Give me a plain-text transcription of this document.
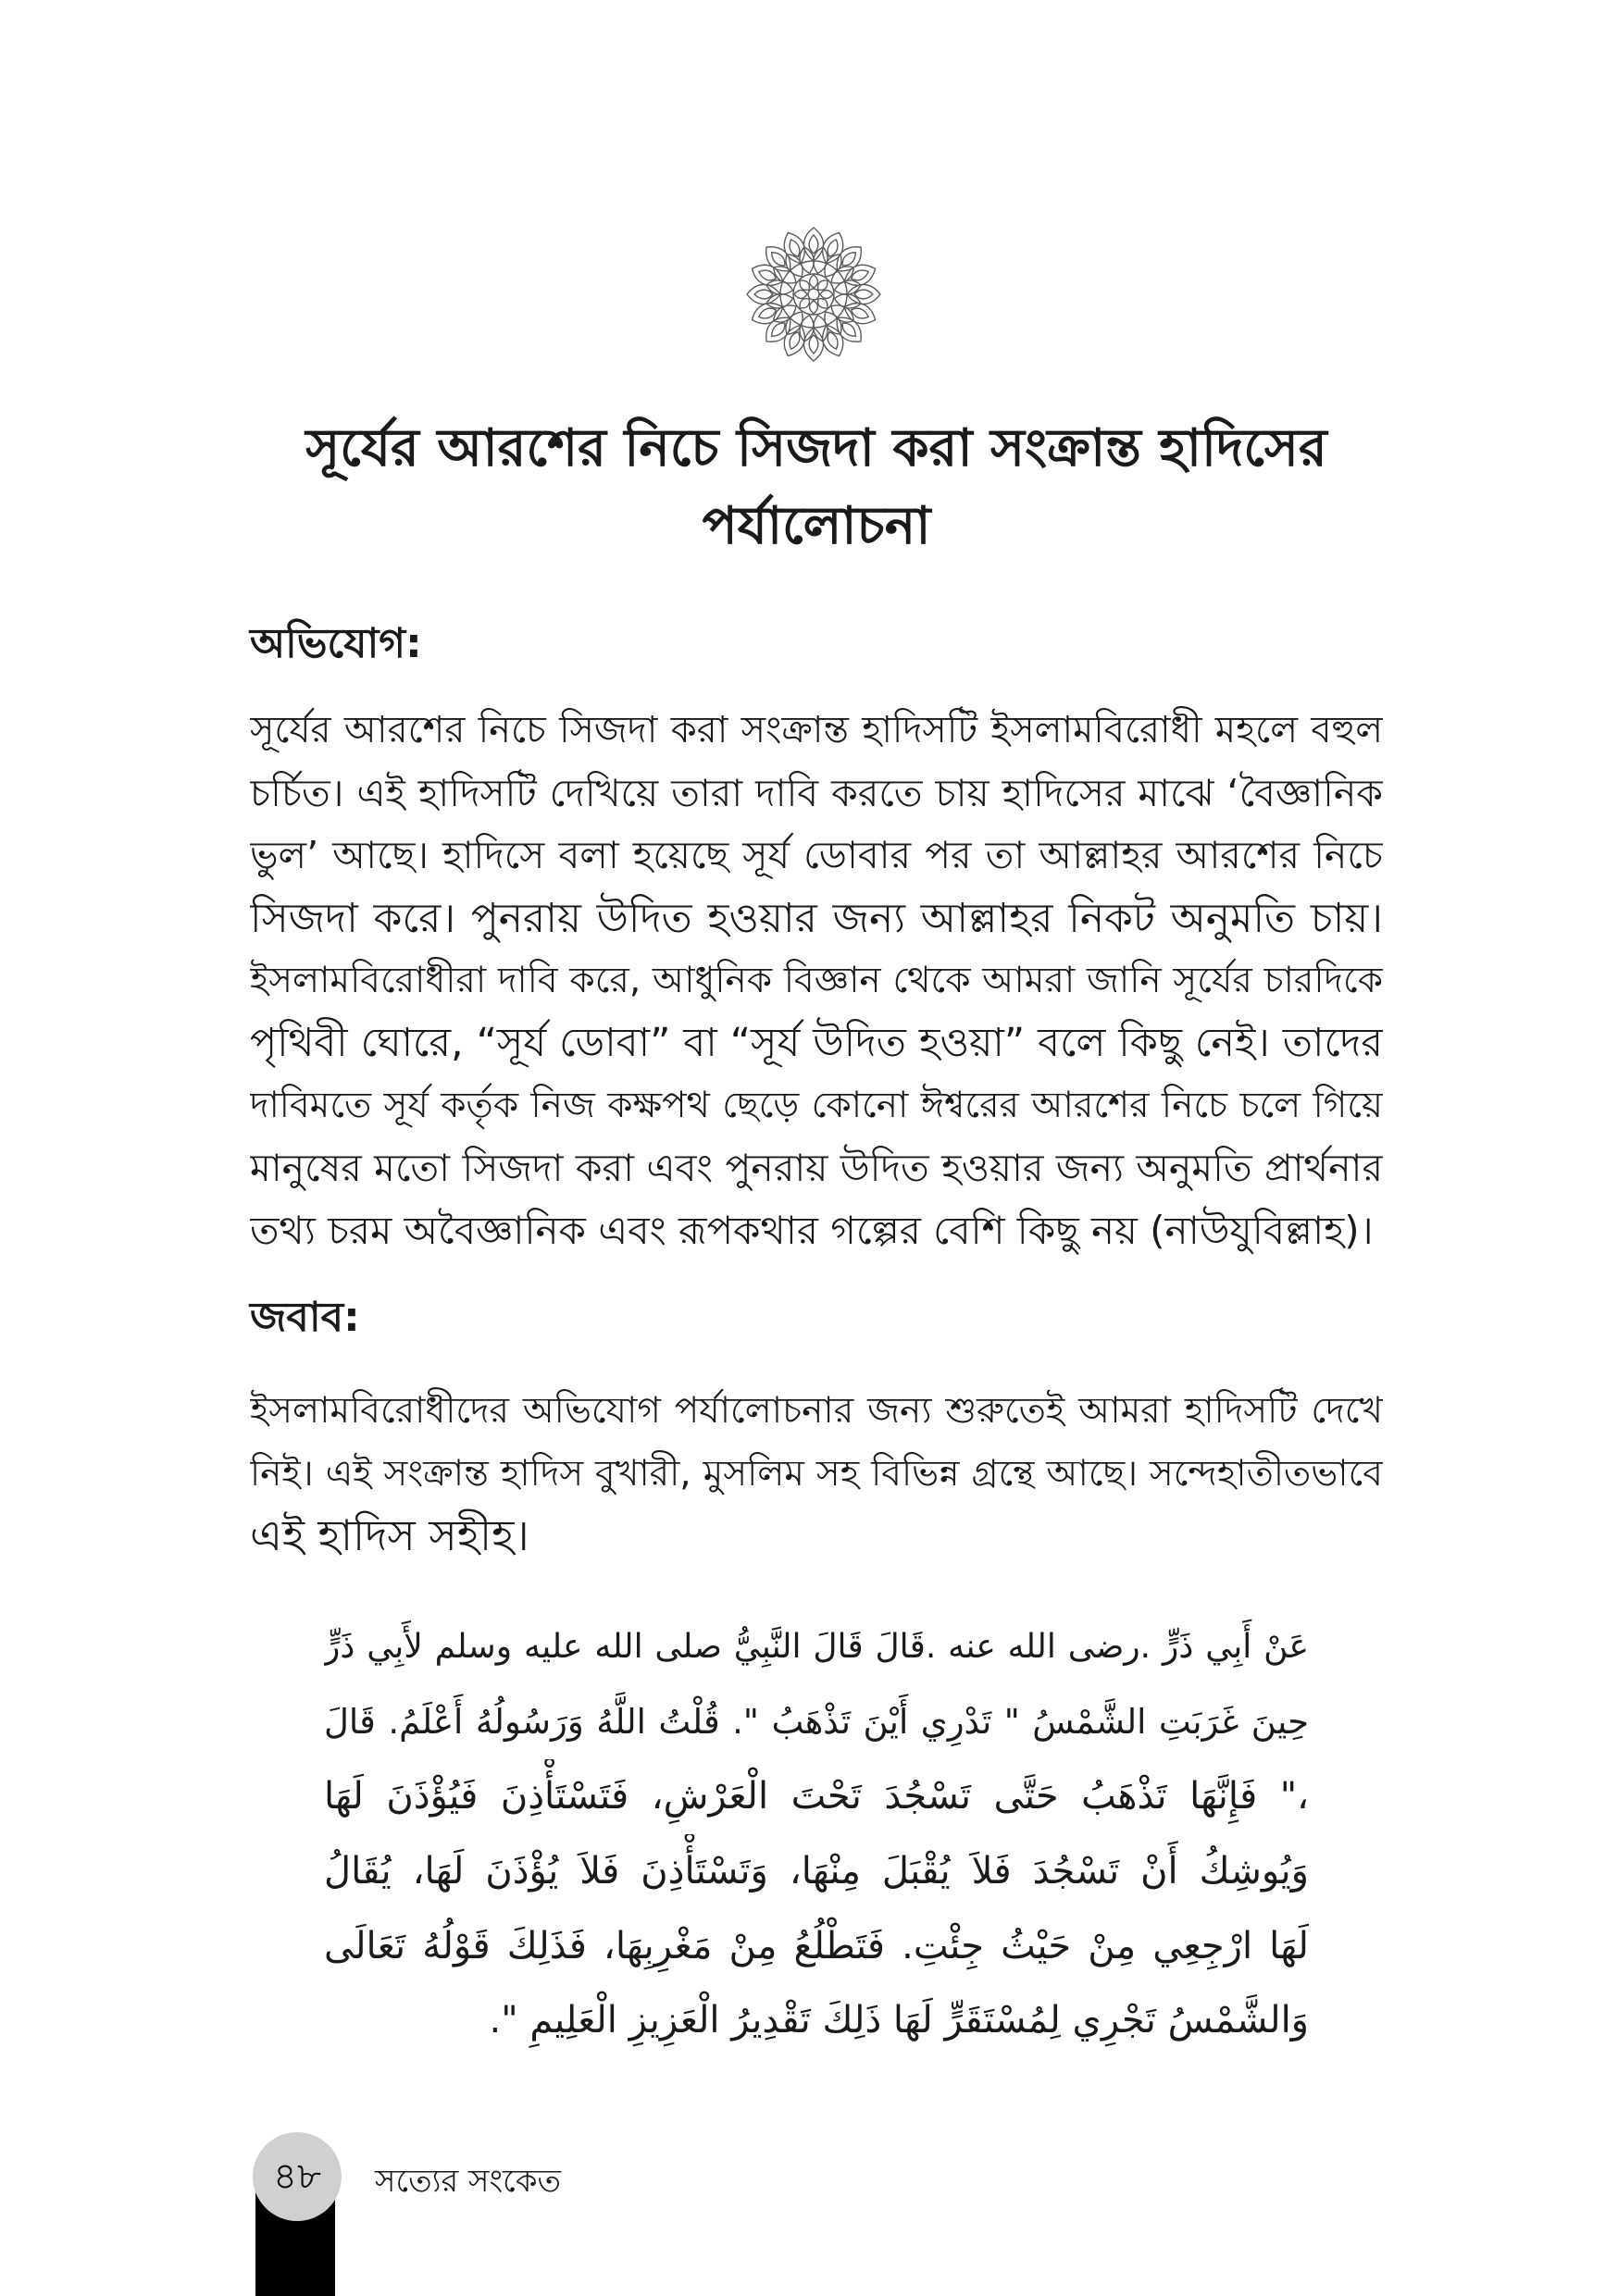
সূর্যের আরশের নিচে সিজদা করা সংক্রান্ত হাদিসের
পর্যালোচনা
অভিযোগ:
সূর্যের আরশের নিচে সিজদা করা সংক্রান্ত হাদিসটি ইসলামবিরোধী মহলে বহুল
চর্চিত। এই হাদিসটি দেখিয়ে তারা দাবি করতে চায় হাদিসের মাঝে ‘বৈজ্ঞানিক
ভুল’ আছে। হাদিসে বলা হয়েছে সূর্য ডোবার পর তা আল্লাহর আরশের নিচে
সিজদা করে। পুনরায় উদিত হওয়ার জন্য আল্লাহর নিকট অনুমতি চায়।
ইসলামবিরোধীরা দাবি করে, আধুনিক বিজ্ঞান থেকে আমরা জানি সূর্যের চারদিকে
পৃথিবী ঘোরে, “সূর্য ডোবা” বা “সূর্য উদিত হওয়া” বলে কিছু নেই। তাদের
দাবিমতে সূর্য কর্তৃক নিজ কক্ষপথ ছেড়ে কোনো ঈশ্বরের আরশের নিচে চলে গিয়ে
মানুষের মতো সিজদা করা এবং পুনরায় উদিত হওয়ার জন্য অনুমতি প্রার্থনার
তথ্য চরম অবৈজ্ঞানিক এবং রূপকথার গল্পের বেশি কিছু নয় (নাউযুবিল্লাহ)।
জবাব:
ইসলামবিরোধীদের অভিযোগ পর্যালোচনার জন্য শুরুতেই আমরা হাদিসটি দেখে
নিই। এই সংক্রান্ত হাদিস বুখারী, মুসলিম সহ বিভিন্ন গ্রন্থে আছে। সন্দেহাতীতভাবে
এই হাদিস সহীহ।
عَنْ أَبِي ذَرٍّ .رضى الله عنه .قَالَ قَالَ النَّبِيُّ صلى الله عليه وسلم لأَبِي ذَرٍّ
حِينَ غَرَبَتِ الشَّمْسُ " تَدْرِي أَيْنَ تَذْهَبُ ". قُلْتُ اللَّهُ وَرَسُولُهُ أَعْلَمُ. قَالَ
،" فَإِنَّهَا تَذْهَبُ حَتَّى تَسْجُدَ تَحْتَ الْعَرْشِ، فَتَسْتَأْذِنَ فَيُؤْذَنَ لَهَا
وَيُوشِكُ أَنْ تَسْجُدَ فَلاَ يُقْبَلَ مِنْهَا، وَتَسْتَأْذِنَ فَلاَ يُؤْذَنَ لَهَا، يُقَالُ
لَهَا ارْجِعِي مِنْ حَيْثُ جِئْتِ. فَتَطْلُعُ مِنْ مَغْرِبِهَا، فَذَلِكَ قَوْلُهُ تَعَالَى
وَالشَّمْسُ تَجْرِي لِمُسْتَقَرٍّ لَهَا ذَلِكَ تَقْدِيرُ الْعَزِيزِ الْعَلِيمِ ".
৪৮ সত্যের সংকেত
